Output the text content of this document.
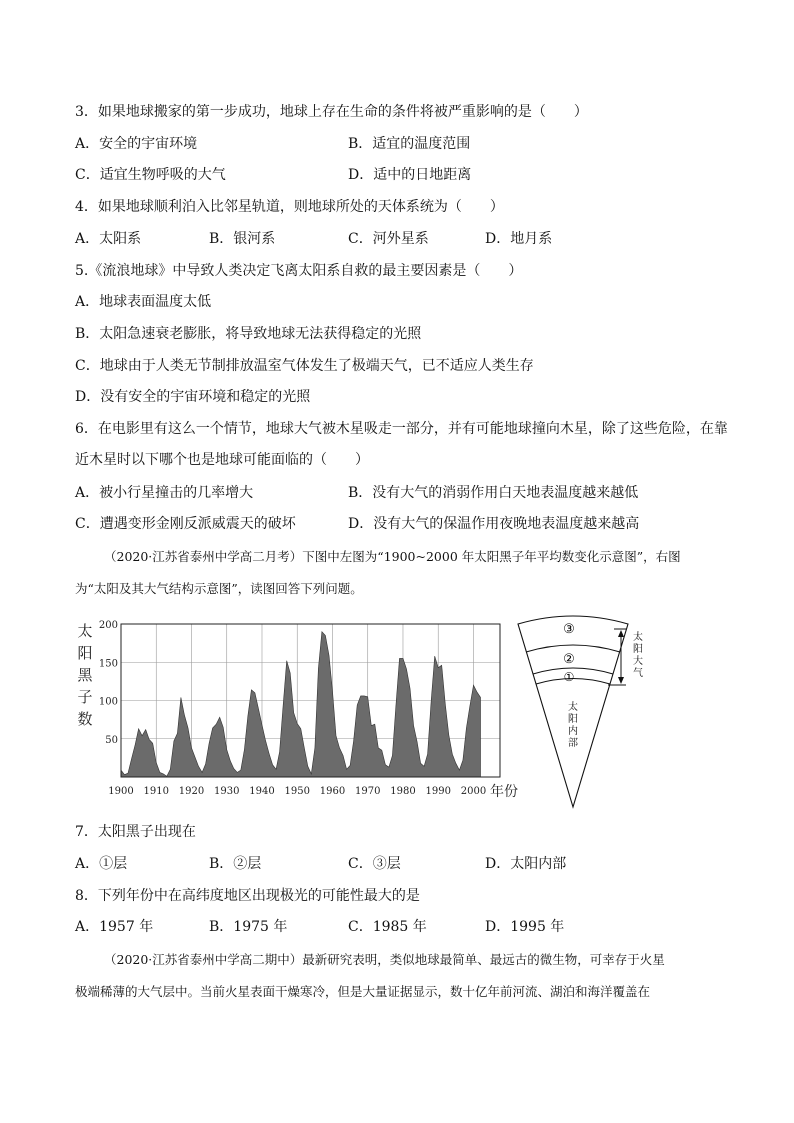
3．如果地球搬家的第一步成功，地球上存在生命的条件将被严重影响的是（　　）
A．安全的宇宙环境	B．适宜的温度范围
C．适宜生物呼吸的大气	D．适中的日地距离
4．如果地球顺利泊入比邻星轨道，则地球所处的天体系统为（　　）
A．太阳系	B．银河系	C．河外星系	D．地月系
5.《流浪地球》中导致人类决定飞离太阳系自救的最主要因素是（　　）
A．地球表面温度太低
B．太阳急速衰老膨胀，将导致地球无法获得稳定的光照
C．地球由于人类无节制排放温室气体发生了极端天气，已不适应人类生存
D．没有安全的宇宙环境和稳定的光照
6．在电影里有这么一个情节，地球大气被木星吸走一部分，并有可能地球撞向木星，除了这些危险，在靠
近木星时以下哪个也是地球可能面临的（　　）
A．被小行星撞击的几率增大	B．没有大气的消弱作用白天地表温度越来越低
C．遭遇变形金刚反派威震天的破坏	D．没有大气的保温作用夜晚地表温度越来越高
（2020·江苏省泰州中学高二月考）下图中左图为“1900~2000 年太阳黑子年平均数变化示意图”，右图
为“太阳及其大气结构示意图”，读图回答下列问题。
太
阳
黑
子
数
200
150
100
50
1900 1910 1920 1930 1940 1950 1960 1970 1980 1990 2000 年份
③
②
①
太
阳
内
部
太
阳
大
气
7．太阳黑子出现在
A．①层	B．②层	C．③层	D．太阳内部
8．下列年份中在高纬度地区出现极光的可能性最大的是
A．1957 年	B．1975 年	C．1985 年	D．1995 年
（2020·江苏省泰州中学高二期中）最新研究表明，类似地球最简单、最远古的微生物，可幸存于火星
极端稀薄的大气层中。当前火星表面干燥寒冷，但是大量证据显示，数十亿年前河流、湖泊和海洋覆盖在
